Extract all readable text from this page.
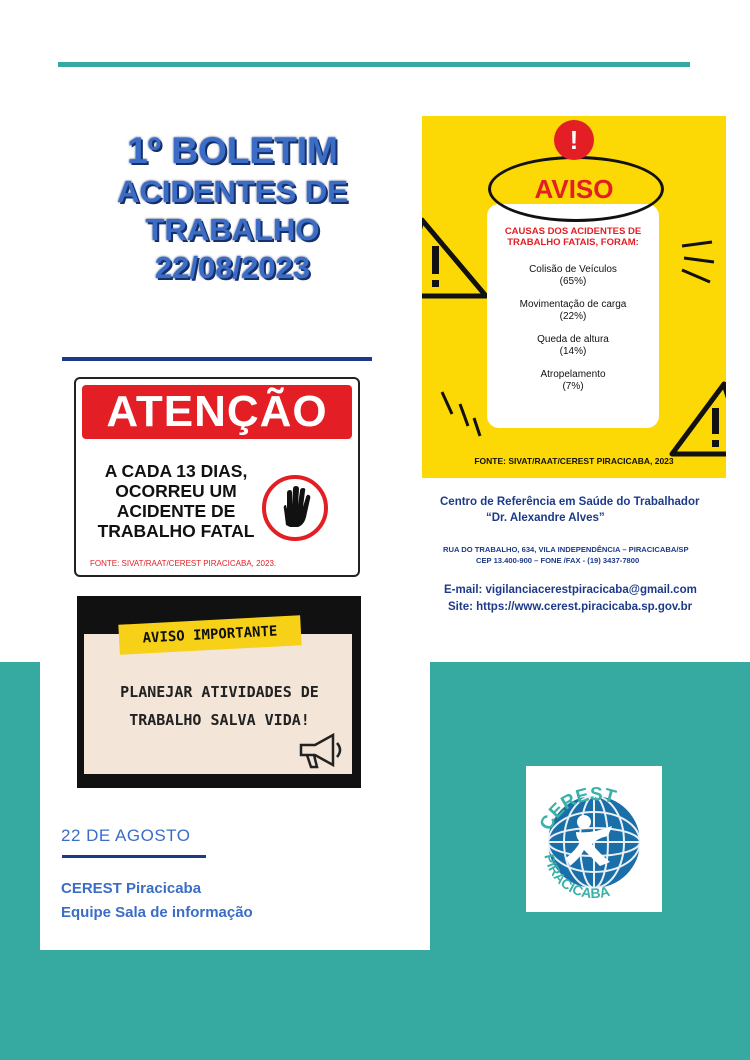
1º BOLETIM
ACIDENTES DE
TRABALHO
22/08/2023
ATENÇÃO
A CADA 13 DIAS,
OCORREU UM
ACIDENTE DE
TRABALHO FATAL
FONTE: SIVAT/RAAT/CEREST PIRACICABA, 2023.
AVISO IMPORTANTE
PLANEJAR ATIVIDADES DE
TRABALHO SALVA VIDA!
!
AVISO
CAUSAS DOS ACIDENTES DE
TRABALHO FATAIS, FORAM:
Colisão de Veículos
(65%)
Movimentação de carga
(22%)
Queda de altura
(14%)
Atropelamento
(7%)
FONTE: SIVAT/RAAT/CEREST PIRACICABA, 2023
Centro de Referência em Saúde do Trabalhador
“Dr. Alexandre Alves”
RUA DO TRABALHO, 634, VILA INDEPENDÊNCIA – PIRACICABA/SP
CEP 13.400-900 – FONE /FAX - (19) 3437-7800
E-mail: vigilanciacerestpiracicaba@gmail.com
Site: https://www.cerest.piracicaba.sp.gov.br
CEREST
PIRACICABA
22 DE AGOSTO
CEREST Piracicaba
Equipe Sala de informação
